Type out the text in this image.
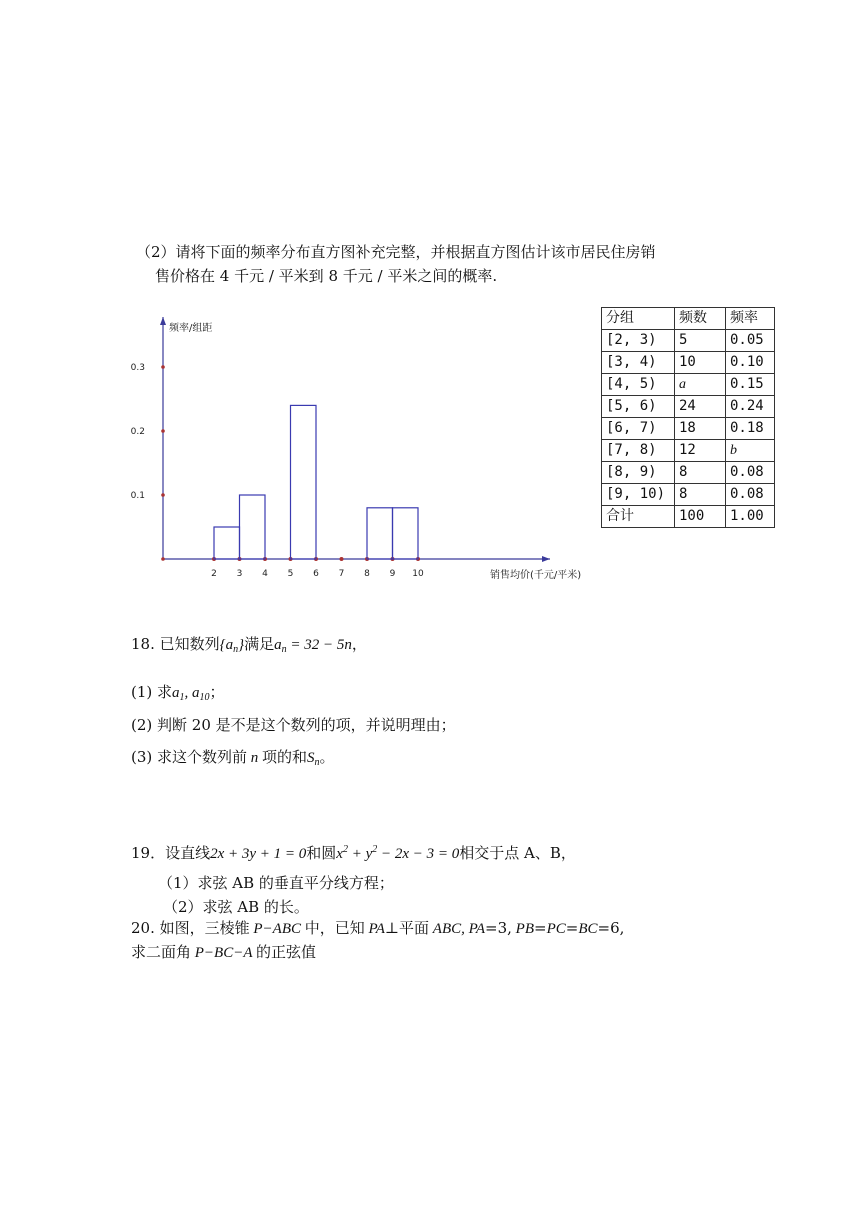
（2）请将下面的频率分布直方图补充完整，并根据直方图估计该市居民住房销
售价格在 4 千元 / 平米到 8 千元 / 平米之间的概率.
0.1
0.2
0.3
2 3 4 5 6 7 8 9 10
频率/组距
销售均价(千元/平米)
分组	频数	频率
[2, 3)	5	0.05
[3, 4)	10	0.10
[4, 5)	a	0.15
[5, 6)	24	0.24
[6, 7)	18	0.18
[7, 8)	12	b
[8, 9)	8	0.08
[9, 10)	8	0.08
合计	100	1.00
18. 已知数列$\{a_n\}$满足$a_n = 32 - 5n$，
(1) 求$a_1$, $a_{10}$；
(2) 判断 20 是不是这个数列的项，并说明理由；
(3) 求这个数列前 n 项的和$S_n$。
19．设直线2x + 3y + 1 = 0和圆$x^2 + y^2 - 2x - 3 = 0$相交于点 A、B，
（1）求弦 AB 的垂直平分线方程；
（2）求弦 AB 的长。
20. 如图，三棱锥 P−ABC 中，已知 PA⊥平面 ABC, PA=3, PB=PC=BC=6,
求二面角 P−BC−A 的正弦值
